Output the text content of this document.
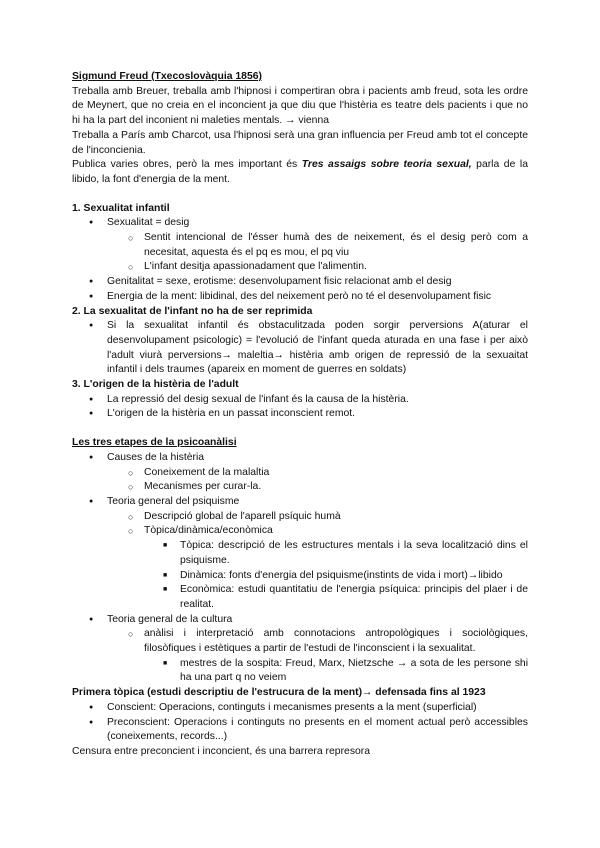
Sigmund Freud (Txecoslovàquia 1856)

Treballa amb Breuer, treballa amb l'hipnosi i compertiran obra i pacients amb freud, sota les ordre de Meynert, que no creia en el inconcient ja que diu que l'histèria es teatre dels pacients i que no hi ha la part del inconient ni maleties mentals. → vienna

Treballa a París amb Charcot, usa l'hipnosi serà una gran influencia per Freud amb tot el concepte de l'inconcienia.

Publica varies obres, però la mes important és Tres assaigs sobre teoria sexual, parla de la libido, la font d'energia de la ment.

1. Sexualitat infantil

● Sexualitat = desig
○ Sentit intencional de l'ésser humà des de neixement, és el desig però com a necesitat, aquesta és el pq es mou, el pq viu
○ L'infant desitja apassionadament que l'alimentin.
● Genitalitat = sexe, erotisme: desenvolupament fisic relacionat amb el desig
● Energia de la ment: libidinal, des del neixement però no té el desenvolupament fisic

2. La sexualitat de l'infant no ha de ser reprimida

● Si la sexualitat infantil és obstaculitzada poden sorgir perversions A(aturar el desenvolupament psicologic) = l'evolució de l'infant queda aturada en una fase i per això l'adult viurà perversions→ maleltia→ histèria amb origen de repressió de la sexuaitat infantil i dels traumes (apareix en moment de guerres en soldats)

3. L'origen de la histèria de l'adult

● La repressió del desig sexual de l'infant és la causa de la histèria.
● L'origen de la histèria en un passat inconscient remot.

Les tres etapes de la psicoanàlisi

● Causes de la histèria
○ Coneixement de la malaltia
○ Mecanismes per curar-la.
● Teoria general del psiquisme
○ Descripció global de l'aparell psíquic humà
○ Tòpica/dinàmica/econòmica
■ Tòpica: descripció de les estructures mentals i la seva localització dins el psiquisme.
■ Dinàmica: fonts d'energia del psiquisme(instints de vida i mort)→libido
■ Econòmica: estudi quantitatiu de l'energia psíquica: principis del plaer i de realitat.
● Teoria general de la cultura
○ anàlisi i interpretació amb connotacions antropològiques i sociològiques, filosòfiques i estètiques a partir de l'estudi de l'inconscient i la sexualitat.
■ mestres de la sospita: Freud, Marx, Nietzsche → a sota de les persone shi ha una part q no veiem

Primera tòpica (estudi descriptiu de l'estrucura de la ment)→ defensada fins al 1923

● Conscient: Operacions, continguts i mecanismes presents a la ment (superficial)
● Preconscient: Operacions i continguts no presents en el moment actual però accessibles (coneixements, records...)

Censura entre preconcient i inconcient, és una barrera represora
